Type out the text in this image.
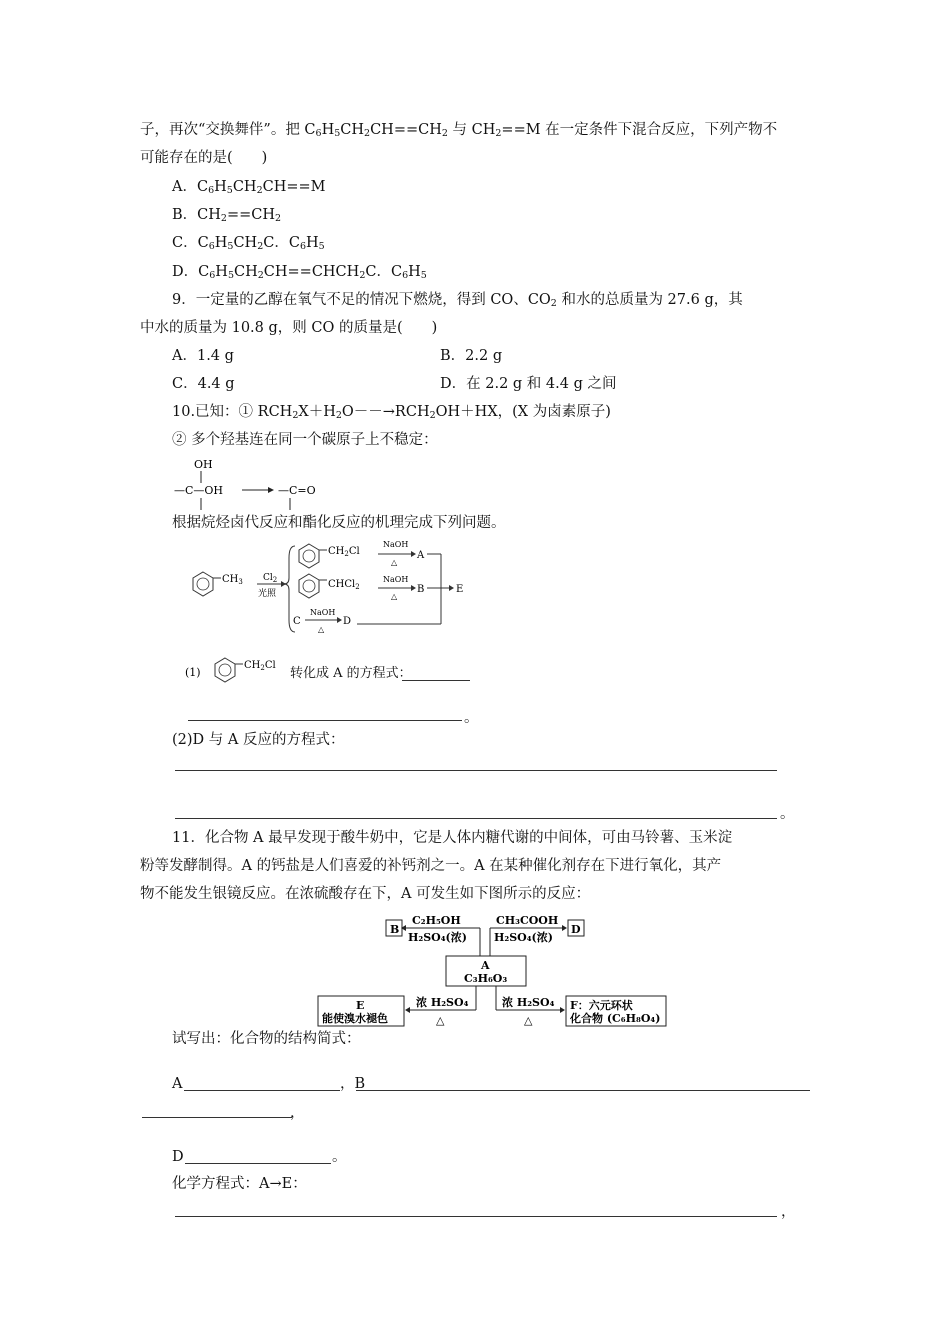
子，再次“交换舞伴”。把 $C_6H_5CH_2CH==CH_2$ 与 $CH_2==M$ 在一定条件下混合反应，下列产物不
可能存在的是(　　)
A．$C_6H_5CH_2CH==M$
B．$CH_2==CH_2$
C．$C_6H_5CH_2C$．$C_6H_5$
D．$C_6H_5CH_2CH==CHCH_2C$．$C_6H_5$
9．一定量的乙醇在氧气不足的情况下燃烧，得到 CO、$CO_2$ 和水的总质量为 27.6 g，其
中水的质量为 10.8 g，则 CO 的质量是(　　)
A．1.4 g	B．2.2 g
C．4.4 g	D．在 2.2 g 和 4.4 g 之间
10.已知：① $RCH_2X+H_2O--\to RCH_2OH+HX$，(X 为卤素原子)
② 多个羟基连在同一个碳原子上不稳定：
OH
—C—OH	—C=O
根据烷烃卤代反应和酯化反应的机理完成下列问题。
$CH_3$ $Cl_2$
光照
$CH_2Cl$
NaOH
△
A
CHCl$_2$
NaOH
△
B	E
C
NaOH
△
D
(1)
$CH_2Cl$
转化成 A 的方程式：
。
(2)D 与 A 反应的方程式：
。
11．化合物 A 最早发现于酸牛奶中，它是人体内糖代谢的中间体，可由马铃薯、玉米淀
粉等发酵制得。A 的钙盐是人们喜爱的补钙剂之一。A 在某种催化剂存在下进行氧化，其产
物不能发生银镜反应。在浓硫酸存在下，A 可发生如下图所示的反应：
B
C₂H₅OH
H₂SO₄(浓)
CH₃COOH
H₂SO₄(浓)
D
A
C₃H₆O₃
浓 H₂SO₄
△
E
能使溴水褪色
浓 H₂SO₄
△
F：六元环状
化合物 (C₆H₈O₄)
试写出：化合物的结构简式：
A	，B
，
D	。
化学方程式：A→E：
，
